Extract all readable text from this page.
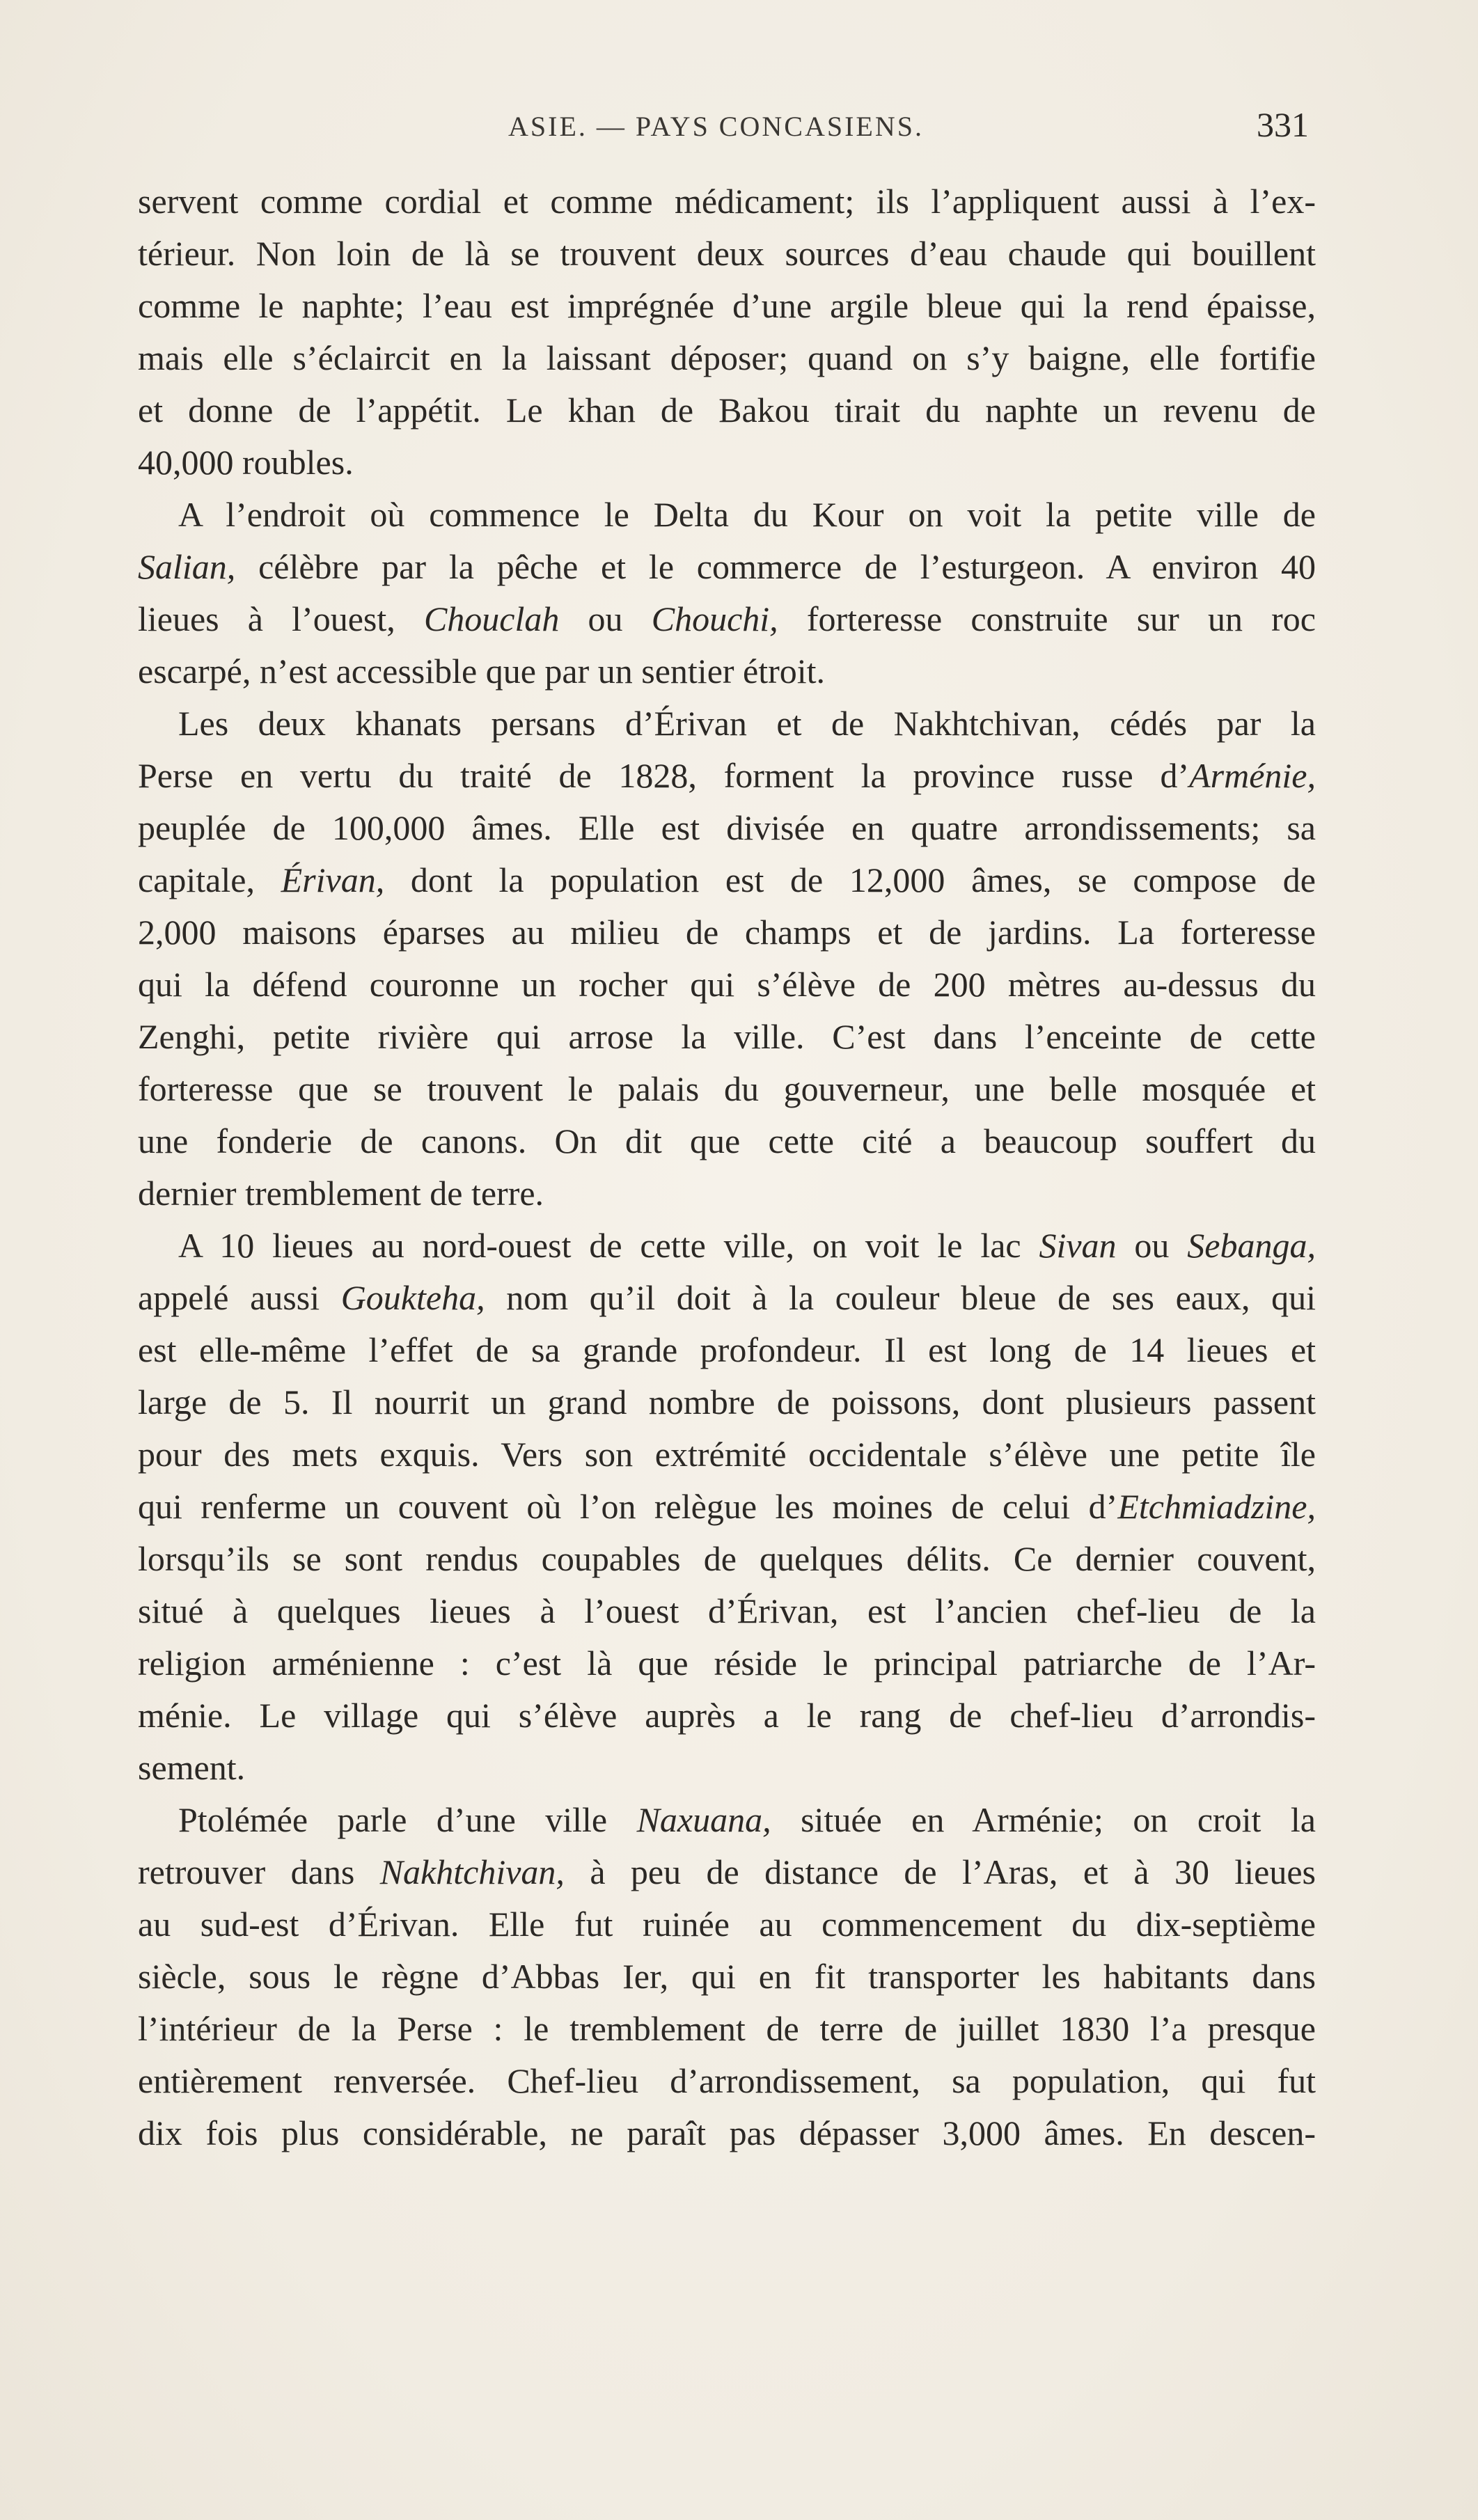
ASIE. — PAYS CONCASIENS.	331
servent comme cordial et comme médicament; ils l’appliquent aussi à l’ex-
térieur. Non loin de là se trouvent deux sources d’eau chaude qui bouillent
comme le naphte; l’eau est imprégnée d’une argile bleue qui la rend épaisse,
mais elle s’éclaircit en la laissant déposer; quand on s’y baigne, elle fortifie
et donne de l’appétit. Le khan de Bakou tirait du naphte un revenu de
40,000 roubles.
A l’endroit où commence le Delta du Kour on voit la petite ville de
Salian, célèbre par la pêche et le commerce de l’esturgeon. A environ 40
lieues à l’ouest, Chouclah ou Chouchi, forteresse construite sur un roc
escarpé, n’est accessible que par un sentier étroit.
Les deux khanats persans d’Érivan et de Nakhtchivan, cédés par la
Perse en vertu du traité de 1828, forment la province russe d’Arménie,
peuplée de 100,000 âmes. Elle est divisée en quatre arrondissements; sa
capitale, Érivan, dont la population est de 12,000 âmes, se compose de
2,000 maisons éparses au milieu de champs et de jardins. La forteresse
qui la défend couronne un rocher qui s’élève de 200 mètres au-dessus du
Zenghi, petite rivière qui arrose la ville. C’est dans l’enceinte de cette
forteresse que se trouvent le palais du gouverneur, une belle mosquée et
une fonderie de canons. On dit que cette cité a beaucoup souffert du
dernier tremblement de terre.
A 10 lieues au nord-ouest de cette ville, on voit le lac Sivan ou Sebanga,
appelé aussi Goukteha, nom qu’il doit à la couleur bleue de ses eaux, qui
est elle-même l’effet de sa grande profondeur. Il est long de 14 lieues et
large de 5. Il nourrit un grand nombre de poissons, dont plusieurs passent
pour des mets exquis. Vers son extrémité occidentale s’élève une petite île
qui renferme un couvent où l’on relègue les moines de celui d’Etchmiadzine,
lorsqu’ils se sont rendus coupables de quelques délits. Ce dernier couvent,
situé à quelques lieues à l’ouest d’Érivan, est l’ancien chef-lieu de la
religion arménienne : c’est là que réside le principal patriarche de l’Ar-
ménie. Le village qui s’élève auprès a le rang de chef-lieu d’arrondis-
sement.
Ptolémée parle d’une ville Naxuana, située en Arménie; on croit la
retrouver dans Nakhtchivan, à peu de distance de l’Aras, et à 30 lieues
au sud-est d’Érivan. Elle fut ruinée au commencement du dix-septième
siècle, sous le règne d’Abbas Ier, qui en fit transporter les habitants dans
l’intérieur de la Perse : le tremblement de terre de juillet 1830 l’a presque
entièrement renversée. Chef-lieu d’arrondissement, sa population, qui fut
dix fois plus considérable, ne paraît pas dépasser 3,000 âmes. En descen-
